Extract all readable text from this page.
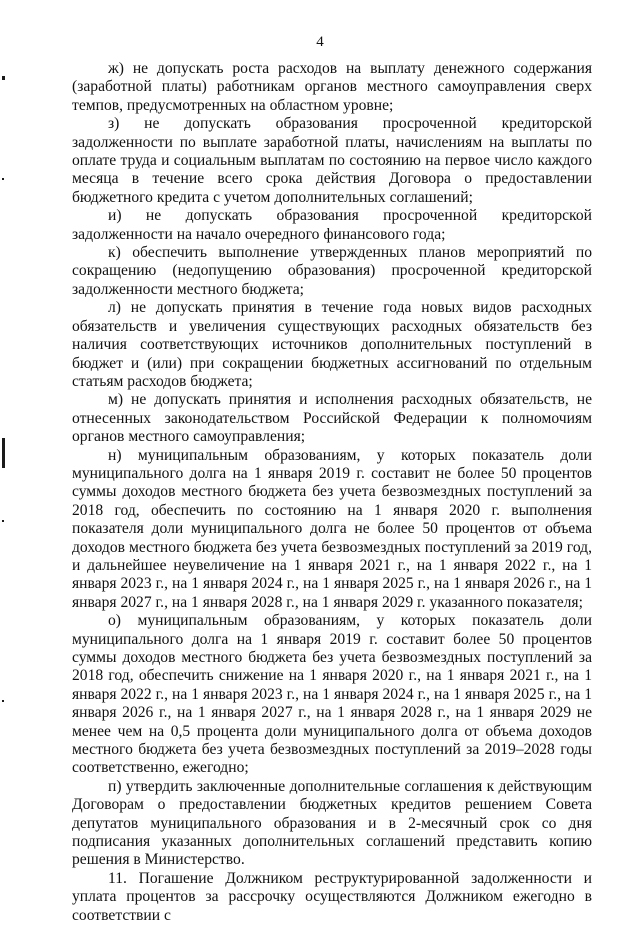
4

ж) не допускать роста расходов на выплату денежного содержания (заработной платы) работникам органов местного самоуправления сверх темпов, предусмотренных на областном уровне;

з) не допускать образования просроченной кредиторской задолженности по выплате заработной платы, начислениям на выплаты по оплате труда и социальным выплатам по состоянию на первое число каждого месяца в течение всего срока действия Договора о предоставлении бюджетного кредита с учетом дополнительных соглашений;

и) не допускать образования просроченной кредиторской задолженности на начало очередного финансового года;

к) обеспечить выполнение утвержденных планов мероприятий по сокращению (недопущению образования) просроченной кредиторской задолженности местного бюджета;

л) не допускать принятия в течение года новых видов расходных обязательств и увеличения существующих расходных обязательств без наличия соответствующих источников дополнительных поступлений в бюджет и (или) при сокращении бюджетных ассигнований по отдельным статьям расходов бюджета;

м) не допускать принятия и исполнения расходных обязательств, не отнесенных законодательством Российской Федерации к полномочиям органов местного самоуправления;

н) муниципальным образованиям, у которых показатель доли муниципального долга на 1 января 2019 г. составит не более 50 процентов суммы доходов местного бюджета без учета безвозмездных поступлений за 2018 год, обеспечить по состоянию на 1 января 2020 г. выполнения показателя доли муниципального долга не более 50 процентов от объема доходов местного бюджета без учета безвозмездных поступлений за 2019 год, и дальнейшее неувеличение на 1 января 2021 г., на 1 января 2022 г., на 1 января 2023 г., на 1 января 2024 г., на 1 января 2025 г., на 1 января 2026 г., на 1 января 2027 г., на 1 января 2028 г., на 1 января 2029 г. указанного показателя;

о) муниципальным образованиям, у которых показатель доли муниципального долга на 1 января 2019 г. составит более 50 процентов суммы доходов местного бюджета без учета безвозмездных поступлений за 2018 год, обеспечить снижение на 1 января 2020 г., на 1 января 2021 г., на 1 января 2022 г., на 1 января 2023 г., на 1 января 2024 г., на 1 января 2025 г., на 1 января 2026 г., на 1 января 2027 г., на 1 января 2028 г., на 1 января 2029 не менее чем на 0,5 процента доли муниципального долга от объема доходов местного бюджета без учета безвозмездных поступлений за 2019–2028 годы соответственно, ежегодно;

п) утвердить заключенные дополнительные соглашения к действующим Договорам о предоставлении бюджетных кредитов решением Совета депутатов муниципального образования и в 2-месячный срок со дня подписания указанных дополнительных соглашений представить копию решения в Министерство.

11. Погашение Должником реструктурированной задолженности и уплата процентов за рассрочку осуществляются Должником ежегодно в соответствии с
